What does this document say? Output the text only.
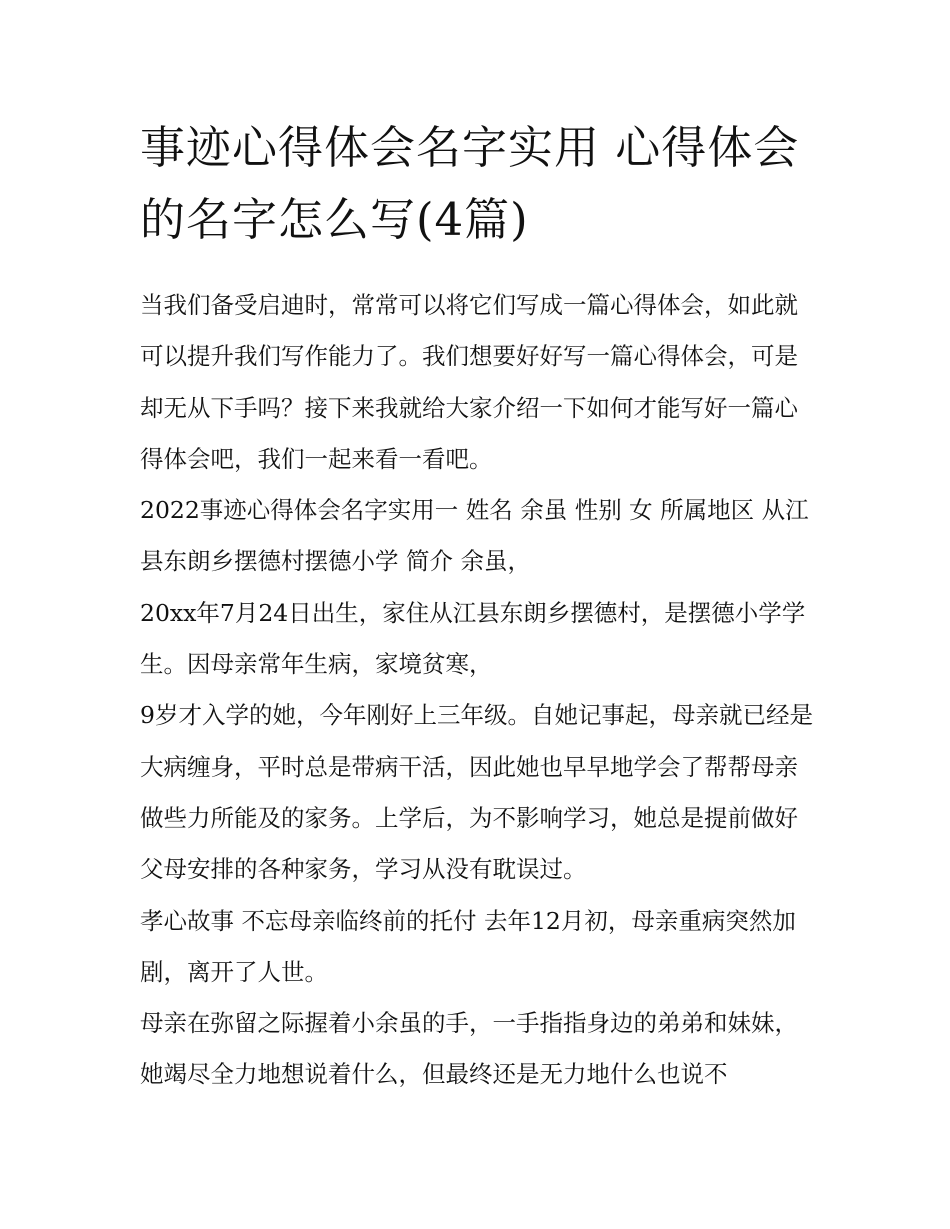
事迹心得体会名字实用 心得体会的名字怎么写(4篇)

当我们备受启迪时，常常可以将它们写成一篇心得体会，如此就可以提升我们写作能力了。我们想要好好写一篇心得体会，可是却无从下手吗？接下来我就给大家介绍一下如何才能写好一篇心得体会吧，我们一起来看一看吧。

2022事迹心得体会名字实用一 姓名 余虽 性别 女 所属地区 从江县东朗乡摆德村摆德小学 简介 余虽，

20xx年7月24日出生，家住从江县东朗乡摆德村，是摆德小学学生。因母亲常年生病，家境贫寒，

9岁才入学的她，今年刚好上三年级。自她记事起，母亲就已经是大病缠身，平时总是带病干活，因此她也早早地学会了帮帮母亲做些力所能及的家务。上学后，为不影响学习，她总是提前做好父母安排的各种家务，学习从没有耽误过。

孝心故事 不忘母亲临终前的托付 去年12月初，母亲重病突然加剧，离开了人世。

母亲在弥留之际握着小余虽的手，一手指指身边的弟弟和妹妹，她竭尽全力地想说着什么，但最终还是无力地什么也说不
